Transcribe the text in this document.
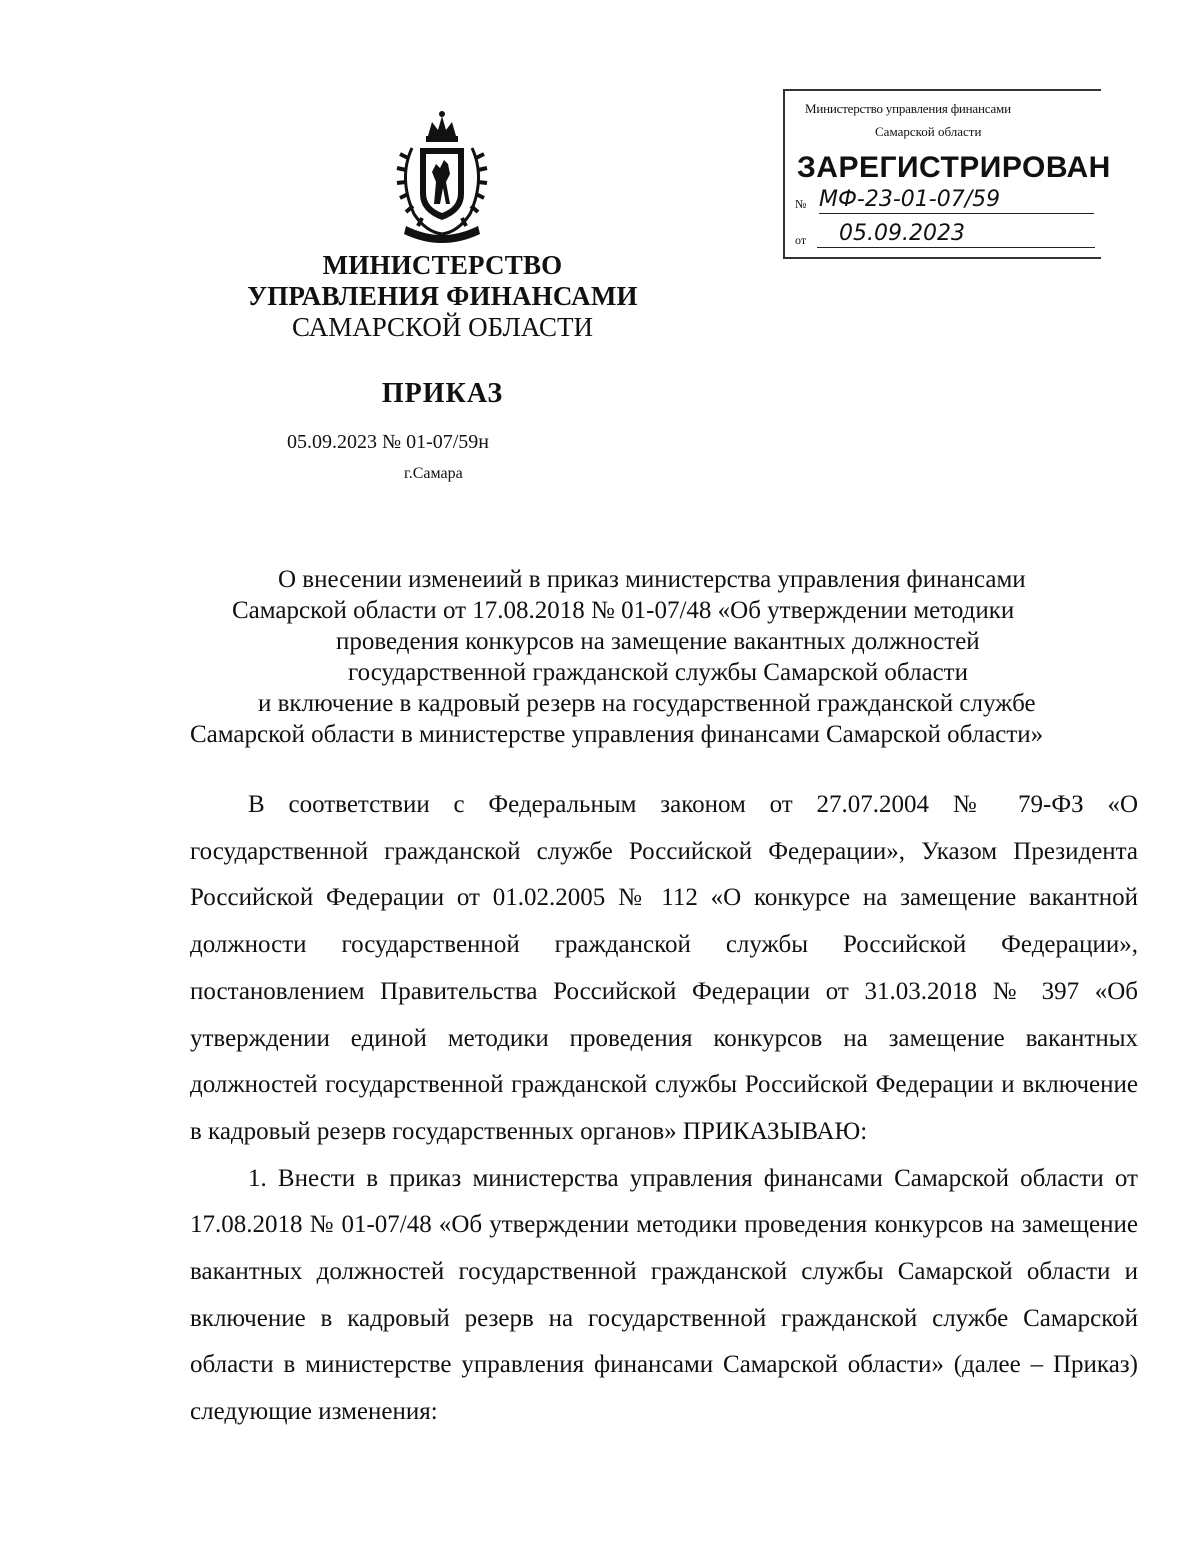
МИНИСТЕРСТВО
УПРАВЛЕНИЯ ФИНАНСАМИ
САМАРСКОЙ ОБЛАСТИ
ПРИКАЗ
05.09.2023 № 01-07/59н
г.Самара
Министерство управления финансами
Самарской области
ЗАРЕГИСТРИРОВАН
№ МФ-23-01-07/59
от	05.09.2023
О внесении изменеиий в приказ министерства управления финансами
Самарской области от 17.08.2018 № 01-07/48 «Об утверждении методики
проведения конкурсов на замещение вакантных должностей
государственной гражданской службы Самарской области
и включение в кадровый резерв на государственной гражданской службе
Самарской области в министерстве управления финансами Самарской области»

В соответствии с Федеральным законом от 27.07.2004 № 79-ФЗ «О государственной гражданской службе Российской Федерации», Указом Президента Российской Федерации от 01.02.2005 № 112 «О конкурсе на замещение вакантной должности государственной гражданской службы Российской Федерации», постановлением Правительства Российской Федерации от 31.03.2018 № 397 «Об утверждении единой методики проведения конкурсов на замещение вакантных должностей государственной гражданской службы Российской Федерации и включение в кадровый резерв государственных органов» ПРИКАЗЫВАЮ:

1. Внести в приказ министерства управления финансами Самарской области от 17.08.2018 № 01-07/48 «Об утверждении методики проведения конкурсов на замещение вакантных должностей государственной гражданской службы Самарской области и включение в кадровый резерв на государственной гражданской службе Самарской области в министерстве управления финансами Самарской области» (далее – Приказ) следующие изменения:
